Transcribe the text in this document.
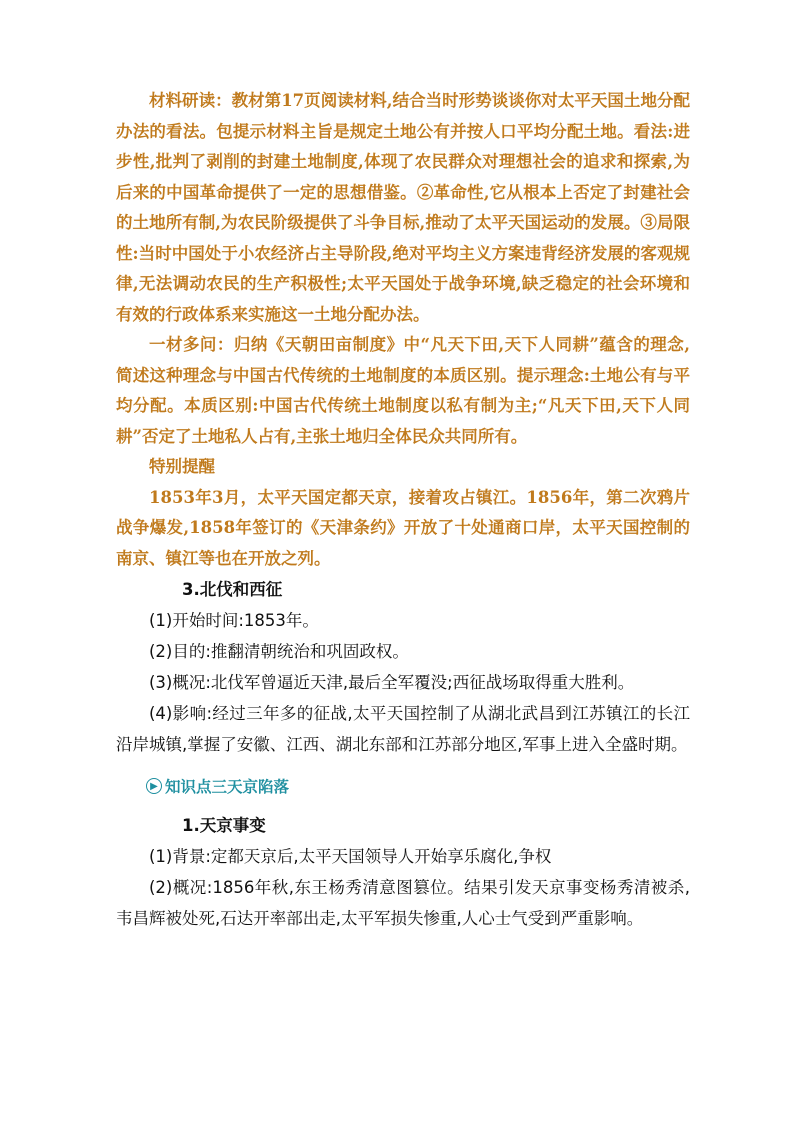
材料研读：教材第17页阅读材料,结合当时形势谈谈你对太平天国土地分配办法的看法。包提示材料主旨是规定土地公有并按人口平均分配土地。看法:进步性,批判了剥削的封建土地制度,体现了农民群众对理想社会的追求和探索,为后来的中国革命提供了一定的思想借鉴。②革命性,它从根本上否定了封建社会的土地所有制,为农民阶级提供了斗争目标,推动了太平天国运动的发展。③局限性:当时中国处于小农经济占主导阶段,绝对平均主义方案违背经济发展的客观规律,无法调动农民的生产积极性;太平天国处于战争环境,缺乏稳定的社会环境和有效的行政体系来实施这一土地分配办法。

一材多问：归纳《天朝田亩制度》中“凡天下田,天下人同耕”蕴含的理念,简述这种理念与中国古代传统的土地制度的本质区别。提示理念:土地公有与平均分配。本质区别:中国古代传统土地制度以私有制为主;“凡天下田,天下人同耕”否定了土地私人占有,主张土地归全体民众共同所有。

特别提醒

1853年3月，太平天国定都天京，接着攻占镇江。1856年，第二次鸦片战争爆发,1858年签订的《天津条约》开放了十处通商口岸，太平天国控制的南京、镇江等也在开放之列。

3.北伐和西征

(1)开始时间:1853年。

(2)目的:推翻清朝统治和巩固政权。

(3)概况:北伐军曾逼近天津,最后全军覆没;西征战场取得重大胜利。

(4)影响:经过三年多的征战,太平天国控制了从湖北武昌到江苏镇江的长江沿岸城镇,掌握了安徽、江西、湖北东部和江苏部分地区,军事上进入全盛时期。

▶ 知识点三天京陷落

1.天京事变

(1)背景:定都天京后,太平天国领导人开始享乐腐化,争权

(2)概况:1856年秋,东王杨秀清意图篡位。结果引发天京事变杨秀清被杀,韦昌辉被处死,石达开率部出走,太平军损失惨重,人心士气受到严重影响。
